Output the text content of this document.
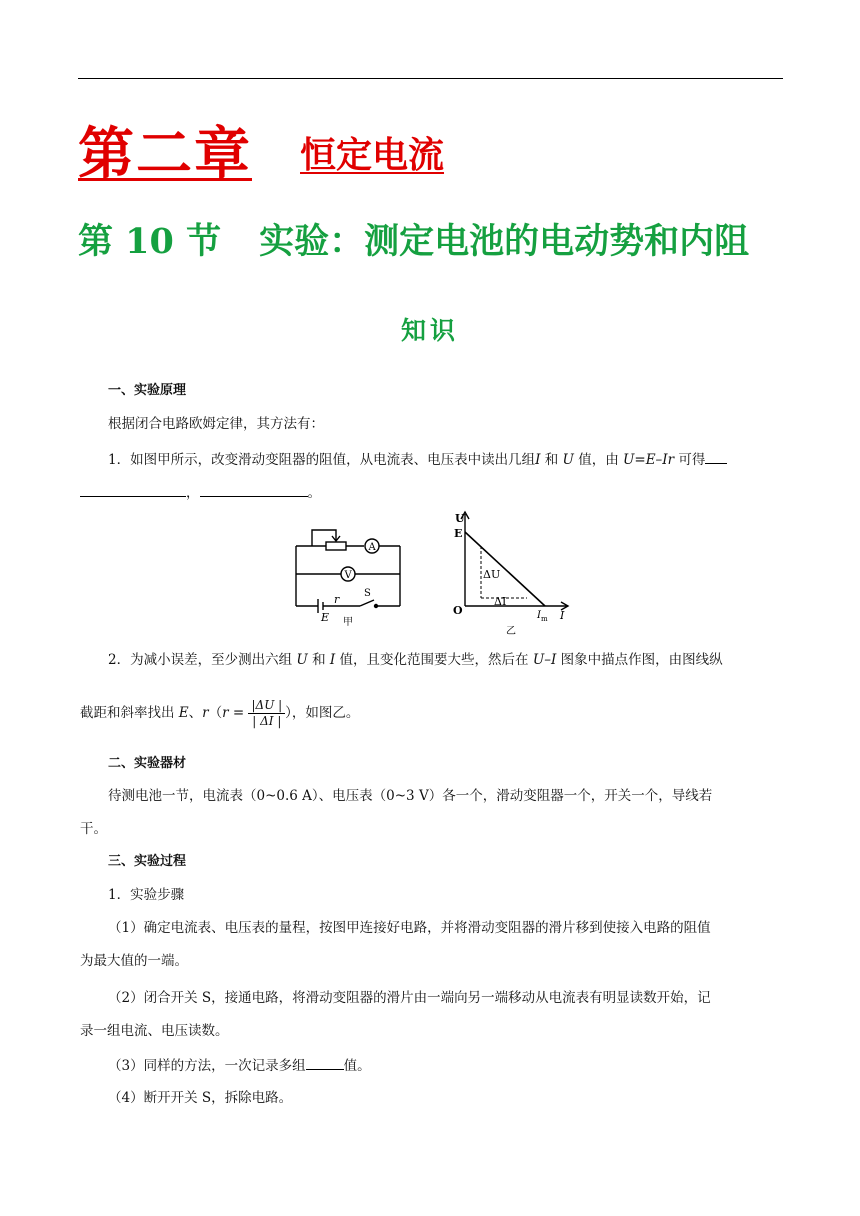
第二章 恒定电流
第 10 节 实验：测定电池的电动势和内阻
知识
一、实验原理
根据闭合电路欧姆定律，其方法有：
1．如图甲所示，改变滑动变阻器的阻值，从电流表、电压表中读出几组I 和 U 值，由 U=E–Ir 可得
，	。
A
V
S
E
r
甲
U
I
E
O
ΔU
ΔI
I m
乙
2．为减小误差，至少测出六组 U 和 I 值，且变化范围要大些，然后在 U–I 图象中描点作图，由图线纵
截距和斜率找出 E、$r(r = \frac{|\Delta U |}{| \Delta I |}$ ），如图乙。
二、实验器材
待测电池一节，电流表（0~0.6 A）、电压表（0~3 V）各一个，滑动变阻器一个，开关一个，导线若
干。
三、实验过程
1．实验步骤
（1）确定电流表、电压表的量程，按图甲连接好电路，并将滑动变阻器的滑片移到使接入电路的阻值
为最大值的一端。
（2）闭合开关 S，接通电路，将滑动变阻器的滑片由一端向另一端移动从电流表有明显读数开始，记
录一组电流、电压读数。
（3）同样的方法，一次记录多组	值。
（4）断开开关 S，拆除电路。
